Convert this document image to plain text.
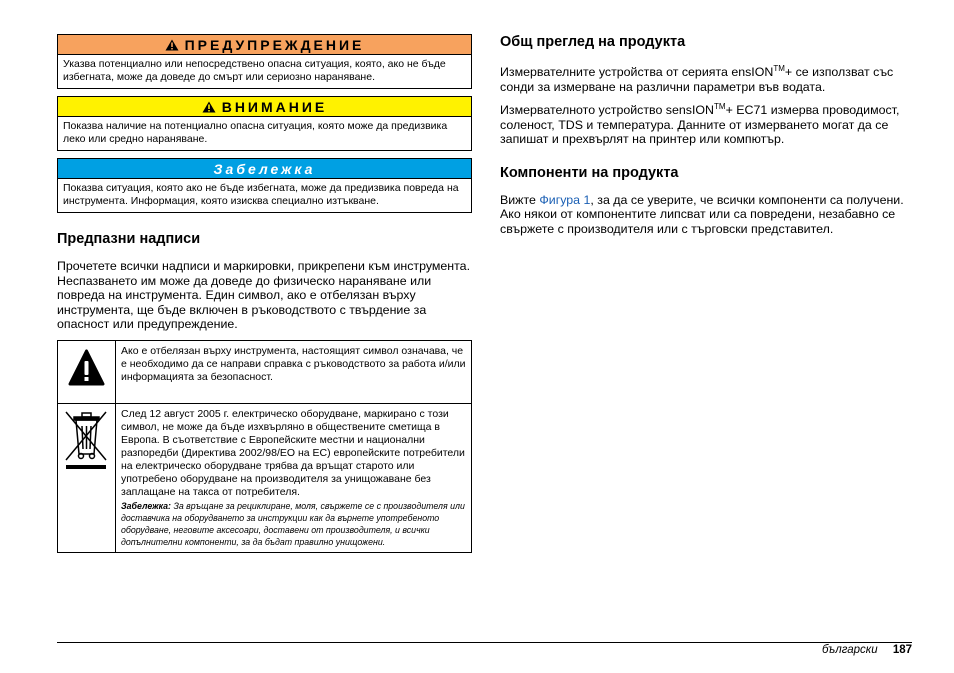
ПРЕДУПРЕЖДЕНИЕ
Указва потенциално или непосредствено опасна ситуация, която, ако не бъде избегната, може да доведе до смърт или сериозно нараняване.
ВНИМАНИЕ
Показва наличие на потенциално опасна ситуация, която може да предизвика леко или средно нараняване.
Забележка
Показва ситуация, която ако не бъде избегната, може да предизвика повреда на инструмента. Информация, която изисква специално изтъкване.
Предпазни надписи

Прочетете всички надписи и маркировки, прикрепени към инструмента. Неспазването им може да доведе до физическо нараняване или повреда на инструмента. Един символ, ако е отбелязан върху инструмента, ще бъде включен в ръководството с твърдение за опасност или предупреждение.

	Ако е отбелязан върху инструмента, настоящият символ означава, че е необходимо да се направи справка с ръководството за работа и/или информацията за безопасност.

След 12 август 2005 г. електрическо оборудване, маркирано с този символ, не може да бъде изхвърляно в обществените сметища в Европа. В съответствие с Европейските местни и национални разпоредби (Директива 2002/98/EO на ЕС) европейските потребители на електрическо оборудване трябва да връщат старото или употребено оборудване на производителя за унищожаване без заплащане на такса от потребителя.
Забележка: За връщане за рециклиране, моля, свържете се с производителя или доставчика на оборудването за инструкции как да върнете употребеното оборудване, неговите аксесоари, доставени от производителя, и всички допълнителни компоненти, за да бъдат правилно унищожени.
Общ преглед на продукта

Измервателните устройства от серията ensION™+ се използват със сонди за измерване на различни параметри във водата.

Измервателното устройство sensION™+ EC71 измерва проводимост, соленост, TDS и температура. Данните от измерването могат да се запишат и прехвърлят на принтер или компютър.

Компоненти на продукта

Вижте Фигура 1, за да се уверите, че всички компоненти са получени. Ако някои от компонентите липсват или са повредени, незабавно се свържете с производителя или с търговски представител.

български 187
